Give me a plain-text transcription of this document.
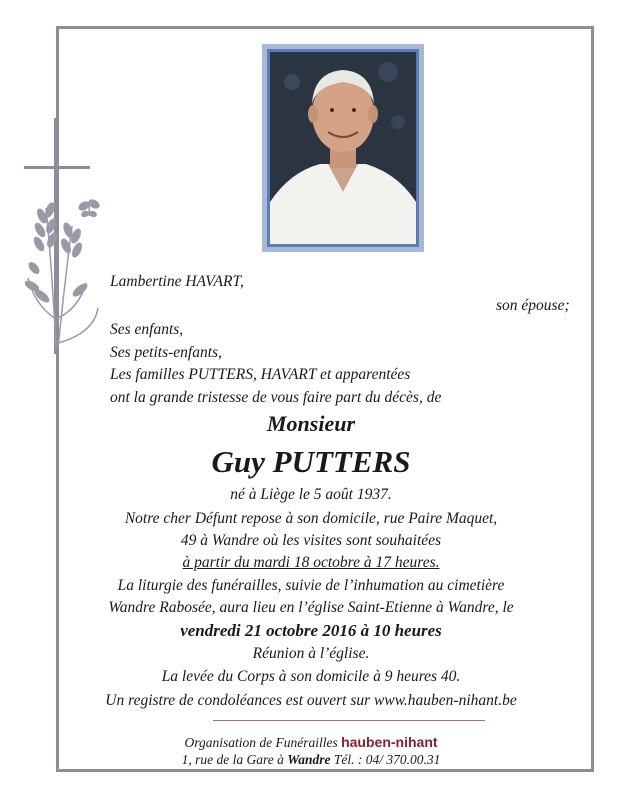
Lambertine HAVART,
son épouse;
Ses enfants,
Ses petits-enfants,
Les familles PUTTERS, HAVART et apparentées
ont la grande tristesse de vous faire part du décès, de
Monsieur
Guy PUTTERS
né à Liège le 5 août 1937.
Notre cher Défunt repose à son domicile, rue Paire Maquet,
49 à Wandre où les visites sont souhaitées
à partir du mardi 18 octobre à 17 heures.
La liturgie des funérailles, suivie de l’inhumation au cimetière
Wandre Rabosée, aura lieu en l’église Saint-Etienne à Wandre, le
vendredi 21 octobre 2016 à 10 heures
Réunion à l’église.
La levée du Corps à son domicile à 9 heures 40.
Un registre de condoléances est ouvert sur www.hauben-nihant.be
Organisation de Funérailles hauben-nihant
1, rue de la Gare à Wandre Tél. : 04/ 370.00.31
